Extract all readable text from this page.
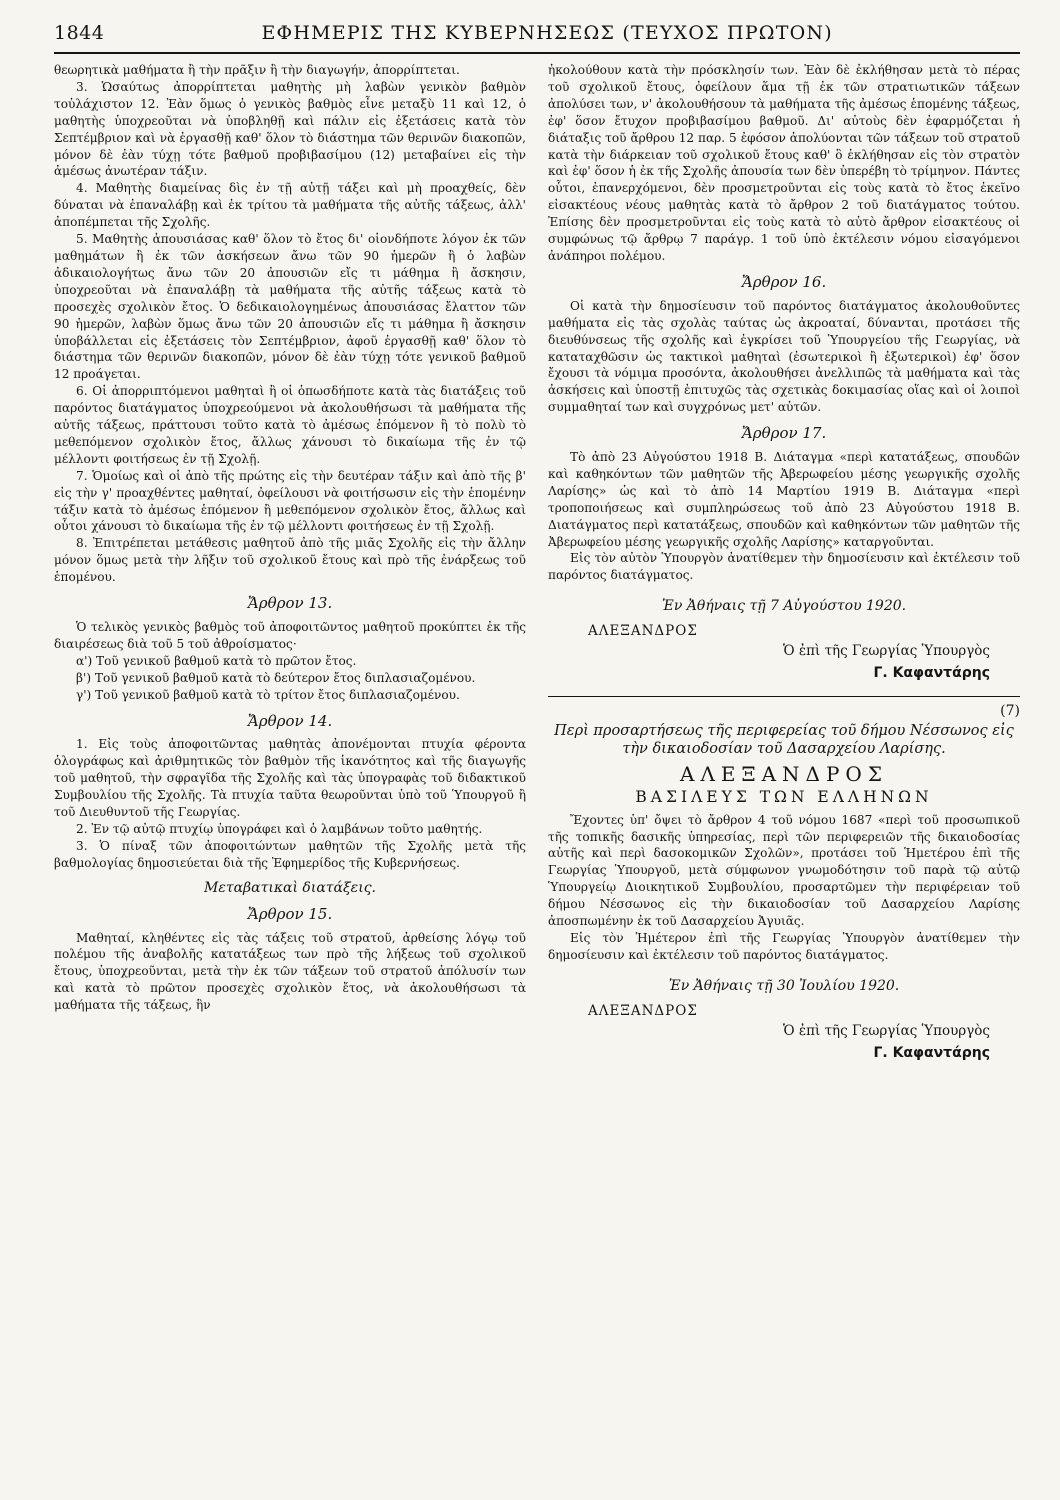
1844	ΕΦΗΜΕΡΙΣ ΤΗΣ ΚΥΒΕΡΝΗΣΕΩΣ (ΤΕΥΧΟΣ ΠΡΩΤΟΝ)

θεωρητικὰ μαθήματα ἢ τὴν πρᾶξιν ἢ τὴν διαγωγήν, ἀπορρίπτεται.

3. Ὡσαύτως ἀπορρίπτεται μαθητὴς μὴ λαβὼν γενικὸν βαθμὸν τοὐλάχιστον 12. Ἐὰν ὅμως ὁ γενικὸς βαθμὸς εἶνε μεταξὺ 11 καὶ 12, ὁ μαθητὴς ὑποχρεοῦται νὰ ὑποβληθῇ καὶ πάλιν εἰς ἐξετάσεις κατὰ τὸν Σεπτέμβριον καὶ νὰ ἐργασθῇ καθ' ὅλον τὸ διάστημα τῶν θερινῶν διακοπῶν, μόνον δὲ ἐὰν τύχῃ τότε βαθμοῦ προβιβασίμου (12) μεταβαίνει εἰς τὴν ἀμέσως ἀνωτέραν τάξιν.

4. Μαθητὴς διαμείνας δὶς ἐν τῇ αὐτῇ τάξει καὶ μὴ προαχθείς, δὲν δύναται νὰ ἐπαναλάβῃ καὶ ἐκ τρίτου τὰ μαθήματα τῆς αὐτῆς τάξεως, ἀλλ' ἀποπέμπεται τῆς Σχολῆς.

5. Μαθητὴς ἀπουσιάσας καθ' ὅλον τὸ ἔτος δι' οἱονδήποτε λόγον ἐκ τῶν μαθημάτων ἢ ἐκ τῶν ἀσκήσεων ἄνω τῶν 90 ἡμερῶν ἢ ὁ λαβὼν ἀδικαιολογήτως ἄνω τῶν 20 ἀπουσιῶν εἴς τι μάθημα ἢ ἄσκησιν, ὑποχρεοῦται νὰ ἐπαναλάβῃ τὰ μαθήματα τῆς αὐτῆς τάξεως κατὰ τὸ προσεχὲς σχολικὸν ἔτος. Ὁ δεδικαιολογημένως ἀπουσιάσας ἔλαττον τῶν 90 ἡμερῶν, λαβὼν ὅμως ἄνω τῶν 20 ἀπουσιῶν εἴς τι μάθημα ἢ ἄσκησιν ὑποβάλλεται εἰς ἐξετάσεις τὸν Σεπτέμβριον, ἀφοῦ ἐργασθῇ καθ' ὅλον τὸ διάστημα τῶν θερινῶν διακοπῶν, μόνον δὲ ἐὰν τύχῃ τότε γενικοῦ βαθμοῦ 12 προάγεται.

6. Οἱ ἀπορριπτόμενοι μαθηταὶ ἢ οἱ ὁπωσδήποτε κατὰ τὰς διατάξεις τοῦ παρόντος διατάγματος ὑποχρεούμενοι νὰ ἀκολουθήσωσι τὰ μαθήματα τῆς αὐτῆς τάξεως, πράττουσι τοῦτο κατὰ τὸ ἀμέσως ἑπόμενον ἢ τὸ πολὺ τὸ μεθεπόμενον σχολικὸν ἔτος, ἄλλως χάνουσι τὸ δικαίωμα τῆς ἐν τῷ μέλλοντι φοιτήσεως ἐν τῇ Σχολῇ.

7. Ὁμοίως καὶ οἱ ἀπὸ τῆς πρώτης εἰς τὴν δευτέραν τάξιν καὶ ἀπὸ τῆς β' εἰς τὴν γ' προαχθέντες μαθηταί, ὀφείλουσι νὰ φοιτήσωσιν εἰς τὴν ἑπομένην τάξιν κατὰ τὸ ἀμέσως ἑπόμενον ἢ μεθεπόμενον σχολικὸν ἔτος, ἄλλως καὶ οὗτοι χάνουσι τὸ δικαίωμα τῆς ἐν τῷ μέλλοντι φοιτήσεως ἐν τῇ Σχολῇ.

8. Ἐπιτρέπεται μετάθεσις μαθητοῦ ἀπὸ τῆς μιᾶς Σχολῆς εἰς τὴν ἄλλην μόνον ὅμως μετὰ τὴν λῆξιν τοῦ σχολικοῦ ἔτους καὶ πρὸ τῆς ἐνάρξεως τοῦ ἑπομένου.

Ἄρθρον 13.

Ὁ τελικὸς γενικὸς βαθμὸς τοῦ ἀποφοιτῶντος μαθητοῦ προκύπτει ἐκ τῆς διαιρέσεως διὰ τοῦ 5 τοῦ ἀθροίσματος·

α') Τοῦ γενικοῦ βαθμοῦ κατὰ τὸ πρῶτον ἔτος.

β') Τοῦ γενικοῦ βαθμοῦ κατὰ τὸ δεύτερον ἔτος διπλασιαζομένου.

γ') Τοῦ γενικοῦ βαθμοῦ κατὰ τὸ τρίτον ἔτος διπλασιαζομένου.

Ἄρθρον 14.

1. Εἰς τοὺς ἀποφοιτῶντας μαθητὰς ἀπονέμονται πτυχία φέροντα ὁλογράφως καὶ ἀριθμητικῶς τὸν βαθμὸν τῆς ἱκανότητος καὶ τῆς διαγωγῆς τοῦ μαθητοῦ, τὴν σφραγῖδα τῆς Σχολῆς καὶ τὰς ὑπογραφὰς τοῦ διδακτικοῦ Συμβουλίου τῆς Σχολῆς. Τὰ πτυχία ταῦτα θεωροῦνται ὑπὸ τοῦ Ὑπουργοῦ ἢ τοῦ Διευθυντοῦ τῆς Γεωργίας.

2. Ἐν τῷ αὐτῷ πτυχίῳ ὑπογράφει καὶ ὁ λαμβάνων τοῦτο μαθητής.

3. Ὁ πίναξ τῶν ἀποφοιτώντων μαθητῶν τῆς Σχολῆς μετὰ τῆς βαθμολογίας δημοσιεύεται διὰ τῆς Ἐφημερίδος τῆς Κυβερνήσεως.

Μεταβατικαὶ διατάξεις.
Ἄρθρον 15.

Μαθηταί, κληθέντες εἰς τὰς τάξεις τοῦ στρατοῦ, ἀρθείσης λόγῳ τοῦ πολέμου τῆς ἀναβολῆς κατατάξεως των πρὸ τῆς λήξεως τοῦ σχολικοῦ ἔτους, ὑποχρεοῦνται, μετὰ τὴν ἐκ τῶν τάξεων τοῦ στρατοῦ ἀπόλυσίν των καὶ κατὰ τὸ πρῶτον προσεχὲς σχολικὸν ἔτος, νὰ ἀκολουθήσωσι τὰ μαθήματα τῆς τάξεως, ἣν

ἠκολούθουν κατὰ τὴν πρόσκλησίν των. Ἐὰν δὲ ἐκλήθησαν μετὰ τὸ πέρας τοῦ σχολικοῦ ἔτους, ὀφείλουν ἅμα τῇ ἐκ τῶν στρατιωτικῶν τάξεων ἀπολύσει των, ν' ἀκολουθήσουν τὰ μαθήματα τῆς ἀμέσως ἑπομένης τάξεως, ἐφ' ὅσον ἔτυχον προβιβασίμου βαθμοῦ. Δι' αὐτοὺς δὲν ἐφαρμόζεται ἡ διάταξις τοῦ ἄρθρου 12 παρ. 5 ἐφόσον ἀπολύονται τῶν τάξεων τοῦ στρατοῦ κατὰ τὴν διάρκειαν τοῦ σχολικοῦ ἔτους καθ' ὃ ἐκλήθησαν εἰς τὸν στρατὸν καὶ ἐφ' ὅσον ἡ ἐκ τῆς Σχολῆς ἀπουσία των δὲν ὑπερέβη τὸ τρίμηνον. Πάντες οὗτοι, ἐπανερχόμενοι, δὲν προσμετροῦνται εἰς τοὺς κατὰ τὸ ἔτος ἐκεῖνο εἰσακτέους νέους μαθητὰς κατὰ τὸ ἄρθρον 2 τοῦ διατάγματος τούτου. Ἐπίσης δὲν προσμετροῦνται εἰς τοὺς κατὰ τὸ αὐτὸ ἄρθρον εἰσακτέους οἱ συμφώνως τῷ ἄρθρῳ 7 παράγρ. 1 τοῦ ὑπὸ ἐκτέλεσιν νόμου εἰσαγόμενοι ἀνάπηροι πολέμου.

Ἄρθρον 16.

Οἱ κατὰ τὴν δημοσίευσιν τοῦ παρόντος διατάγματος ἀκολουθοῦντες μαθήματα εἰς τὰς σχολὰς ταύτας ὡς ἀκροαταί, δύνανται, προτάσει τῆς διευθύνσεως τῆς σχολῆς καὶ ἐγκρίσει τοῦ Ὑπουργείου τῆς Γεωργίας, νὰ καταταχθῶσιν ὡς τακτικοὶ μαθηταὶ (ἐσωτερικοὶ ἢ ἐξωτερικοὶ) ἐφ' ὅσον ἔχουσι τὰ νόμιμα προσόντα, ἀκολουθήσει ἀνελλιπῶς τὰ μαθήματα καὶ τὰς ἀσκήσεις καὶ ὑποστῇ ἐπιτυχῶς τὰς σχετικὰς δοκιμασίας οἵας καὶ οἱ λοιποὶ συμμαθηταί των καὶ συγχρόνως μετ' αὐτῶν.

Ἄρθρον 17.

Τὸ ἀπὸ 23 Αὐγούστου 1918 Β. Διάταγμα «περὶ κατατάξεως, σπουδῶν καὶ καθηκόντων τῶν μαθητῶν τῆς Ἀβερωφείου μέσης γεωργικῆς σχολῆς Λαρίσης» ὡς καὶ τὸ ἀπὸ 14 Μαρτίου 1919 Β. Διάταγμα «περὶ τροποποιήσεως καὶ συμπληρώσεως τοῦ ἀπὸ 23 Αὐγούστου 1918 Β. Διατάγματος περὶ κατατάξεως, σπουδῶν καὶ καθηκόντων τῶν μαθητῶν τῆς Ἀβερωφείου μέσης γεωργικῆς σχολῆς Λαρίσης» καταργοῦνται.

Εἰς τὸν αὐτὸν Ὑπουργὸν ἀνατίθεμεν τὴν δημοσίευσιν καὶ ἐκτέλεσιν τοῦ παρόντος διατάγματος.

Ἐν Ἀθήναις τῇ 7 Αὐγούστου 1920.
ΑΛΕΞΑΝΔΡΟΣ
Ὁ ἐπὶ τῆς Γεωργίας Ὑπουργὸς
Γ. Καφαντάρης
(7)
Περὶ προσαρτήσεως τῆς περιφερείας τοῦ δήμου Νέσσωνος εἰς τὴν δικαιοδοσίαν τοῦ Δασαρχείου Λαρίσης.
ΑΛΕΞΑΝΔΡΟΣ
ΒΑΣΙΛΕΥΣ ΤΩΝ ΕΛΛΗΝΩΝ

Ἔχοντες ὑπ' ὄψει τὸ ἄρθρον 4 τοῦ νόμου 1687 «περὶ τοῦ προσωπικοῦ τῆς τοπικῆς δασικῆς ὑπηρεσίας, περὶ τῶν περιφερειῶν τῆς δικαιοδοσίας αὐτῆς καὶ περὶ δασοκομικῶν Σχολῶν», προτάσει τοῦ Ἡμετέρου ἐπὶ τῆς Γεωργίας Ὑπουργοῦ, μετὰ σύμφωνον γνωμοδότησιν τοῦ παρὰ τῷ αὐτῷ Ὑπουργείῳ Διοικητικοῦ Συμβουλίου, προσαρτῶμεν τὴν περιφέρειαν τοῦ δήμου Νέσσωνος εἰς τὴν δικαιοδοσίαν τοῦ Δασαρχείου Λαρίσης ἀποσπωμένην ἐκ τοῦ Δασαρχείου Ἀγυιᾶς.

Εἰς τὸν Ἡμέτερον ἐπὶ τῆς Γεωργίας Ὑπουργὸν ἀνατίθεμεν τὴν δημοσίευσιν καὶ ἐκτέλεσιν τοῦ παρόντος διατάγματος.

Ἐν Ἀθήναις τῇ 30 Ἰουλίου 1920.
ΑΛΕΞΑΝΔΡΟΣ
Ὁ ἐπὶ τῆς Γεωργίας Ὑπουργὸς
Γ. Καφαντάρης
